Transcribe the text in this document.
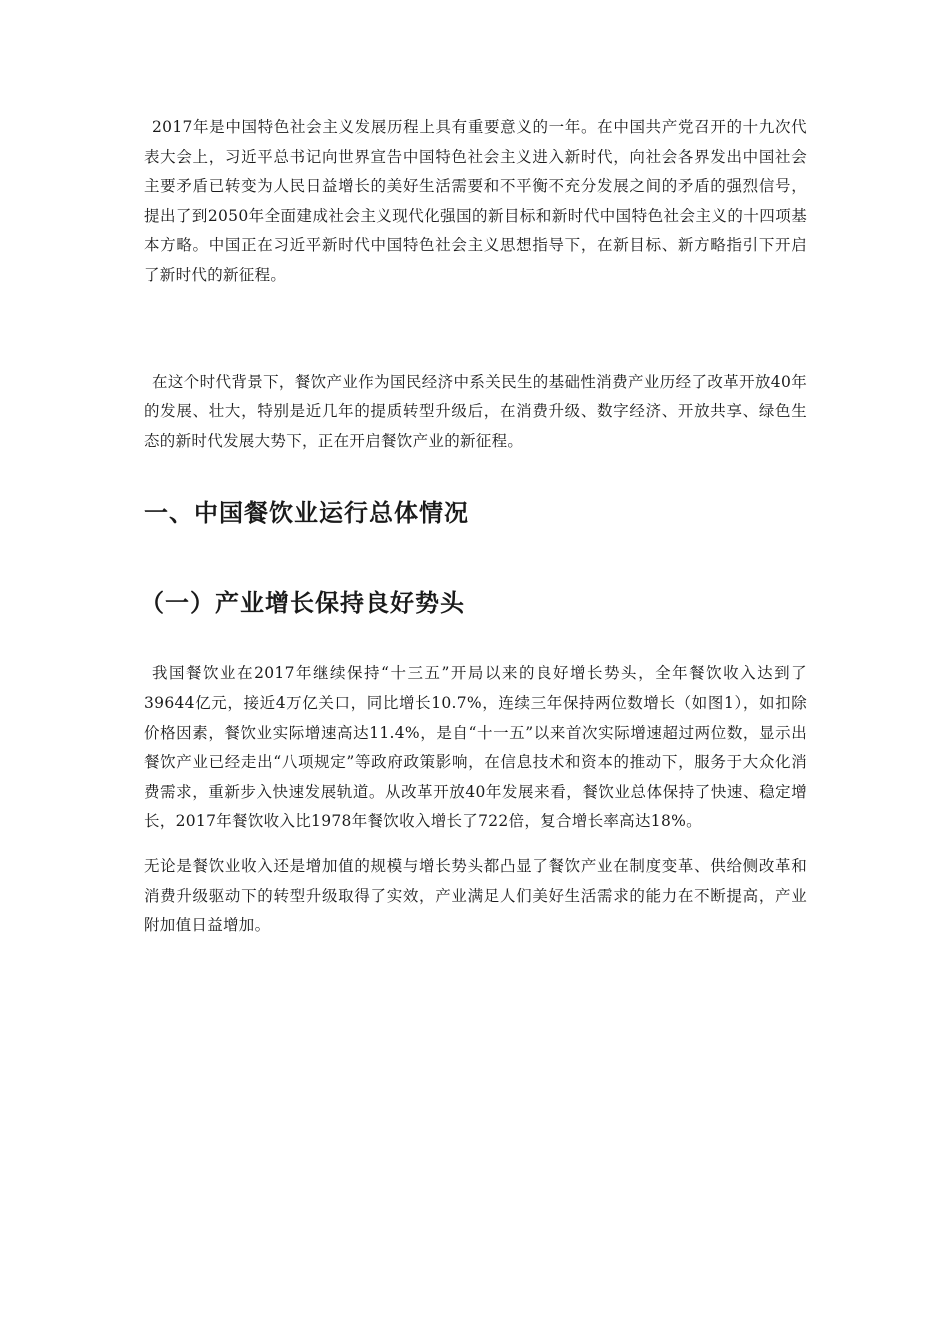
2017年是中国特色社会主义发展历程上具有重要意义的一年。在中国共产党召开的十九次代表大会上，习近平总书记向世界宣告中国特色社会主义进入新时代，向社会各界发出中国社会主要矛盾已转变为人民日益增长的美好生活需要和不平衡不充分发展之间的矛盾的强烈信号，提出了到2050年全面建成社会主义现代化强国的新目标和新时代中国特色社会主义的十四项基本方略。中国正在习近平新时代中国特色社会主义思想指导下，在新目标、新方略指引下开启了新时代的新征程。

在这个时代背景下，餐饮产业作为国民经济中系关民生的基础性消费产业历经了改革开放40年的发展、壮大，特别是近几年的提质转型升级后，在消费升级、数字经济、开放共享、绿色生态的新时代发展大势下，正在开启餐饮产业的新征程。

一、中国餐饮业运行总体情况
（一）产业增长保持良好势头

我国餐饮业在2017年继续保持“十三五”开局以来的良好增长势头，全年餐饮收入达到了39644亿元，接近4万亿关口，同比增长10.7%，连续三年保持两位数增长（如图1），如扣除价格因素，餐饮业实际增速高达11.4%，是自“十一五”以来首次实际增速超过两位数，显示出餐饮产业已经走出“八项规定”等政府政策影响，在信息技术和资本的推动下，服务于大众化消费需求，重新步入快速发展轨道。从改革开放40年发展来看，餐饮业总体保持了快速、稳定增长，2017年餐饮收入比1978年餐饮收入增长了722倍，复合增长率高达18%。

无论是餐饮业收入还是增加值的规模与增长势头都凸显了餐饮产业在制度变革、供给侧改革和消费升级驱动下的转型升级取得了实效，产业满足人们美好生活需求的能力在不断提高，产业附加值日益增加。
